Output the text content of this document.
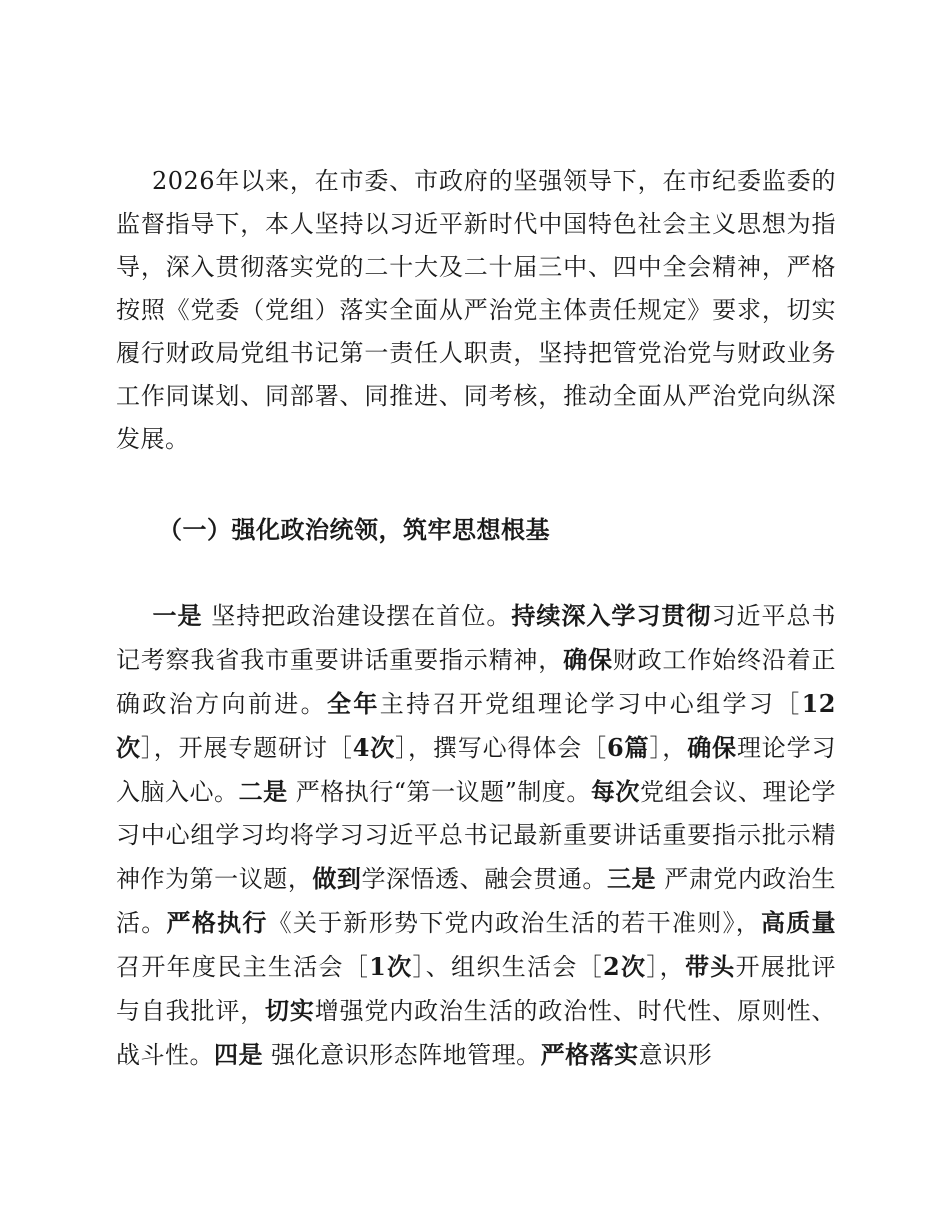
2026年以来，在市委、市政府的坚强领导下，在市纪委监委的监督指导下，本人坚持以习近平新时代中国特色社会主义思想为指导，深入贯彻落实党的二十大及二十届三中、四中全会精神，严格按照《党委（党组）落实全面从严治党主体责任规定》要求，切实履行财政局党组书记第一责任人职责，坚持把管党治党与财政业务工作同谋划、同部署、同推进、同考核，推动全面从严治党向纵深发展。

（一）强化政治统领，筑牢思想根基

一是 坚持把政治建设摆在首位。持续深入学习贯彻习近平总书记考察我省我市重要讲话重要指示精神，确保财政工作始终沿着正确政治方向前进。全年主持召开党组理论学习中心组学习［12次］，开展专题研讨［4次］，撰写心得体会［6篇］，确保理论学习入脑入心。二是 严格执行“第一议题”制度。每次党组会议、理论学习中心组学习均将学习习近平总书记最新重要讲话重要指示批示精神作为第一议题，做到学深悟透、融会贯通。三是 严肃党内政治生活。严格执行《关于新形势下党内政治生活的若干准则》，高质量召开年度民主生活会［1次］、组织生活会［2次］，带头开展批评与自我批评，切实增强党内政治生活的政治性、时代性、原则性、战斗性。四是 强化意识形态阵地管理。严格落实意识形
